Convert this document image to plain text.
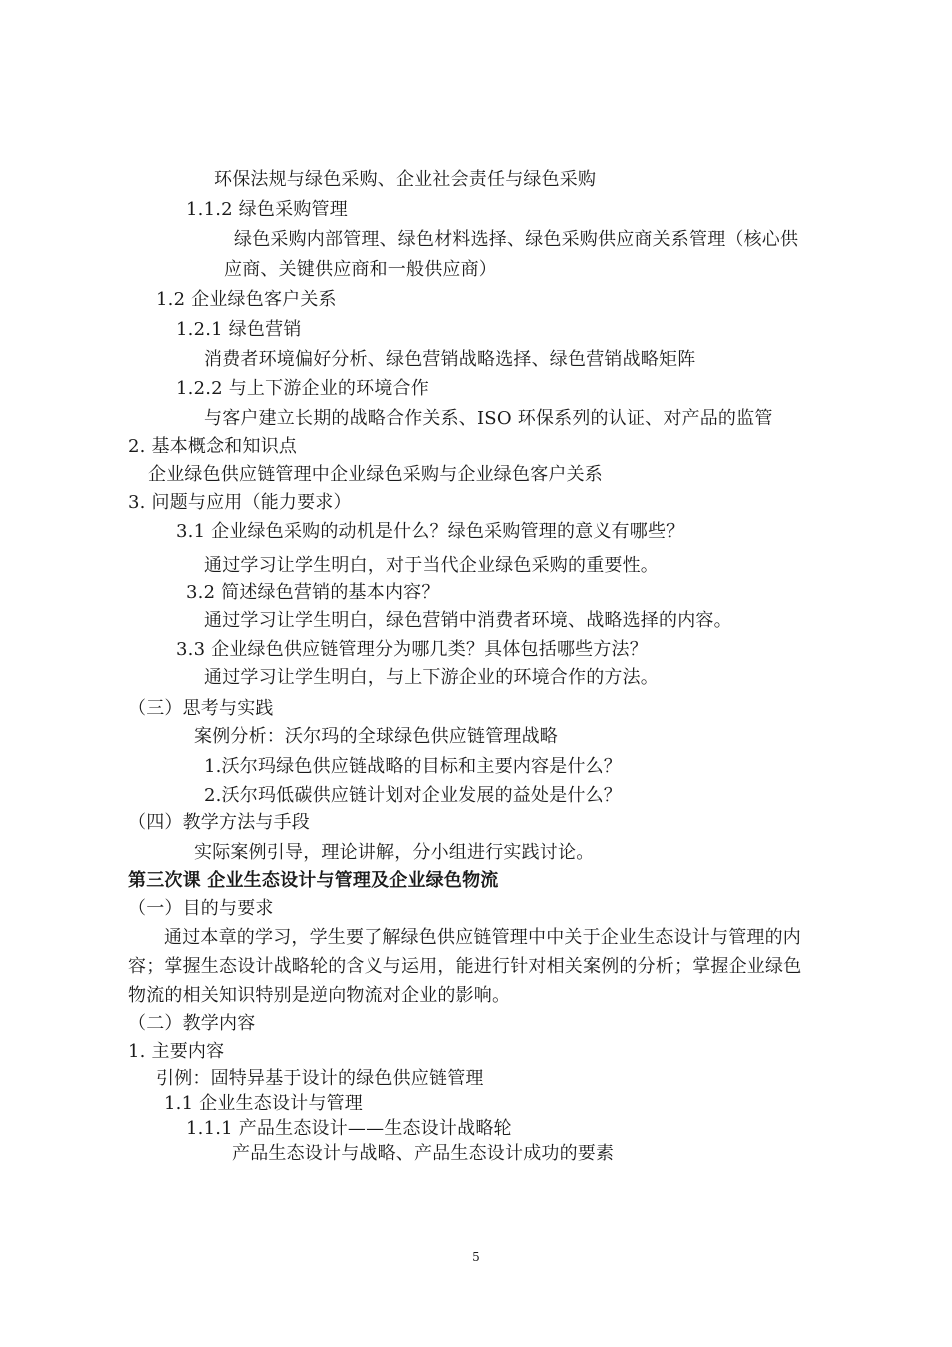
环保法规与绿色采购、企业社会责任与绿色采购
1.1.2 绿色采购管理
绿色采购内部管理、绿色材料选择、绿色采购供应商关系管理（核心供
应商、关键供应商和一般供应商）
1.2 企业绿色客户关系
1.2.1 绿色营销
消费者环境偏好分析、绿色营销战略选择、绿色营销战略矩阵
1.2.2 与上下游企业的环境合作
与客户建立长期的战略合作关系、ISO 环保系列的认证、对产品的监管
2. 基本概念和知识点
企业绿色供应链管理中企业绿色采购与企业绿色客户关系
3. 问题与应用（能力要求）
3.1 企业绿色采购的动机是什么？绿色采购管理的意义有哪些？
通过学习让学生明白，对于当代企业绿色采购的重要性。
3.2 简述绿色营销的基本内容？
通过学习让学生明白，绿色营销中消费者环境、战略选择的内容。
3.3 企业绿色供应链管理分为哪几类？具体包括哪些方法？
通过学习让学生明白，与上下游企业的环境合作的方法。
（三）思考与实践
案例分析：沃尔玛的全球绿色供应链管理战略
1.沃尔玛绿色供应链战略的目标和主要内容是什么？
2.沃尔玛低碳供应链计划对企业发展的益处是什么？
（四）教学方法与手段
实际案例引导，理论讲解，分小组进行实践讨论。
第三次课 企业生态设计与管理及企业绿色物流
（一）目的与要求
通过本章的学习，学生要了解绿色供应链管理中中关于企业生态设计与管理的内
容；掌握生态设计战略轮的含义与运用，能进行针对相关案例的分析；掌握企业绿色
物流的相关知识特别是逆向物流对企业的影响。
（二）教学内容
1. 主要内容
引例：固特异基于设计的绿色供应链管理
1.1 企业生态设计与管理
1.1.1 产品生态设计——生态设计战略轮
产品生态设计与战略、产品生态设计成功的要素
5
